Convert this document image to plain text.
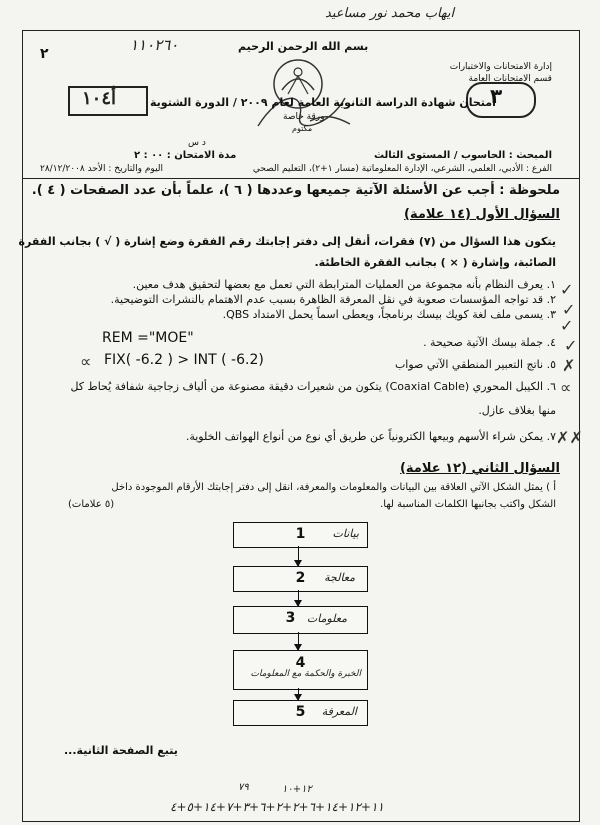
ايهاب محمد نور مساعيد
٢	١١٠٢٦٠	بسم الله الرحمن الرحيم
إدارة الامتحانات والاختبارات
قسم الامتحانات العامة
٣
أ١٠٤	امتحان شهادة الدراسة الثانوية العامة لعام ٢٠٠٩ / الدورة الشتوية
ورقة خاصة
مكتوم
د س
المبحث : الحاسوب / المستوى الثالث
مدة الامتحان : ٠٠ : ٢
الفرع : الأدبي، العلمي، الشرعي، الإدارة المعلوماتية (مسار ١+٢)، التعليم الصحي
اليوم والتاريخ : الأحد ٢٨/١٢/٢٠٠٨
ملحوظة : أجب عن الأسئلة الآتية جميعها وعددها ( ٦ )، علماً بأن عدد الصفحات ( ٤ ).
السؤال الأول (١٤ علامة)
يتكون هذا السؤال من (٧) فقرات، أنقل إلى دفتر إجابتك رقم الفقرة وضع إشارة ( √ ) بجانب الفقرة
الصائبة، وإشارة ( × ) بجانب الفقرة الخاطئة.
١. يعرف النظام بأنه مجموعة من العمليات المترابطة التي تعمل مع بعضها لتحقيق هدف معين.
٢. قد تواجه المؤسسات صعوبة في نقل المعرفة الظاهرة بسبب عدم الاهتمام بالنشرات التوضيحية.
٣. يسمى ملف لغة كويك بيسك برنامجاً، ويعطى اسماً يحمل الامتداد QBS.
٤. جملة بيسك الآتية صحيحة .
REM ="MOE"
٥. ناتج التعبير المنطقي الآتي صواب
FIX( -6.2 ) > INT ( -6.2)
٦. الكيبل المحوري (Coaxial Cable) يتكون من شعيرات دقيقة مصنوعة من ألياف زجاجية شفافة يُحاط كل
منها بغلاف عازل.
٧. يمكن شراء الأسهم وبيعها الكترونياً عن طريق أي نوع من أنواع الهواتف الخلوية.
✓
✓
✓
✓
✗
∝
∝
✗✗
السؤال الثاني (١٢ علامة)
أ ) يمثل الشكل الآتي العلاقة بين البيانات والمعلومات والمعرفة، انقل إلى دفتر إجابتك الأرقام الموجودة داخل
الشكل واكتب بجانبها الكلمات المناسبة لها.
(٥ علامات)
1	بيانات
2	معالجة
3	معلومات
4
الخبرة والحكمة مع المعلومات
5	المعرفة
يتبع الصفحة الثانية...
٧٩	١٢+١٠
١١+١٢+١٤+٦+٢+٢+٦+٣+٧+١٤+٥+٤
